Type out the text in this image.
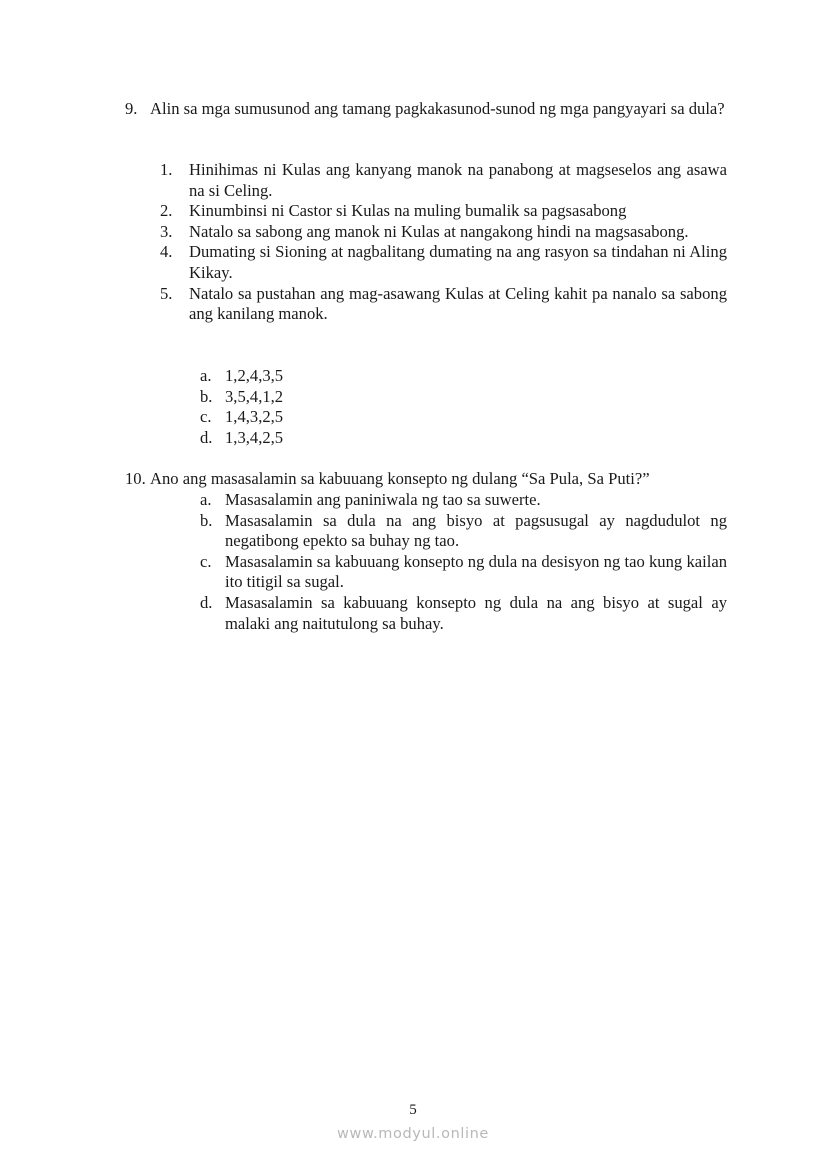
9. Alin sa mga sumusunod ang tamang pagkakasunod-sunod ng mga pangyayari sa dula?
1. Hinihimas ni Kulas ang kanyang manok na panabong at magseselos ang asawa na si Celing.
2. Kinumbinsi ni Castor si Kulas na muling bumalik sa pagsasabong
3. Natalo sa sabong ang manok ni Kulas at nangakong hindi na magsasabong.
4. Dumating si Sioning at nagbalitang dumating na ang rasyon sa tindahan ni Aling Kikay.
5. Natalo sa pustahan ang mag-asawang Kulas at Celing kahit pa nanalo sa sabong ang kanilang manok.
a. 1,2,4,3,5
b. 3,5,4,1,2
c. 1,4,3,2,5
d. 1,3,4,2,5
10. Ano ang masasalamin sa kabuuang konsepto ng dulang “Sa Pula, Sa Puti?”
a. Masasalamin ang paniniwala ng tao sa suwerte.
b. Masasalamin sa dula na ang bisyo at pagsusugal ay nagdudulot ng negatibong epekto sa buhay ng tao.
c. Masasalamin sa kabuuang konsepto ng dula na desisyon ng tao kung kailan ito titigil sa sugal.
d. Masasalamin sa kabuuang konsepto ng dula na ang bisyo at sugal ay malaki ang naitutulong sa buhay.
5
www.modyul.online
